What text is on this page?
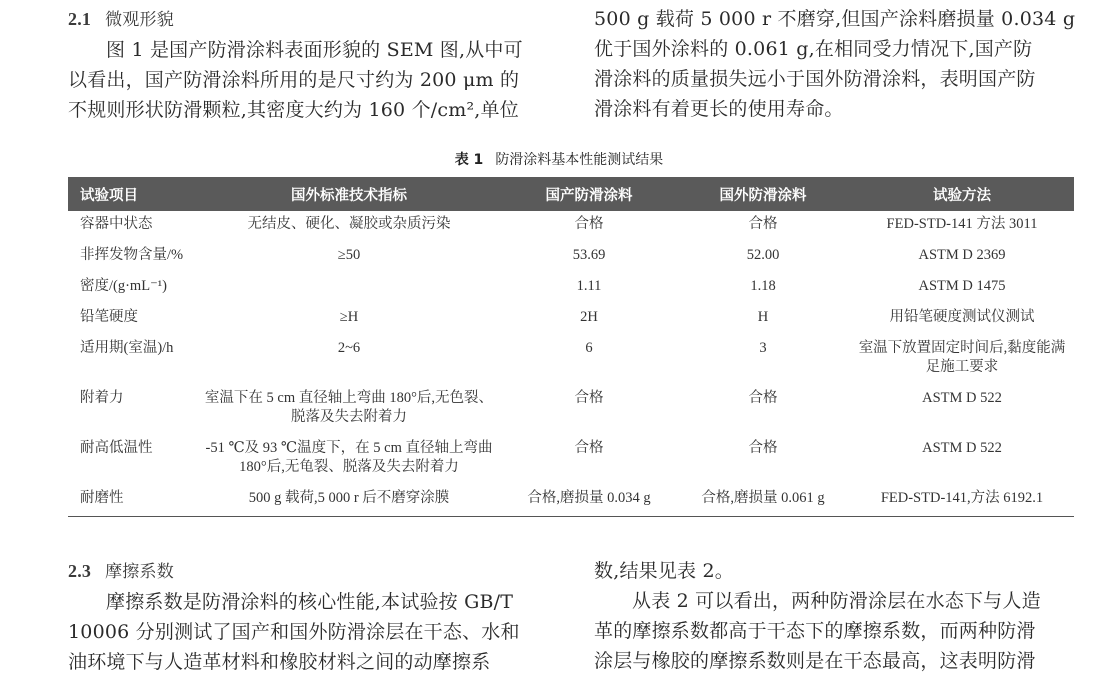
2.1 微观形貌

图 1 是国产防滑涂料表面形貌的 SEM 图,从中可

以看出，国产防滑涂料所用的是尺寸约为 200 μm 的

不规则形状防滑颗粒,其密度大约为 160 个/cm²,单位

500 g 载荷 5 000 r 不磨穿,但国产涂料磨损量 0.034 g

优于国外涂料的 0.061 g,在相同受力情况下,国产防

滑涂料的质量损失远小于国外防滑涂料，表明国产防

滑涂料有着更长的使用寿命。

表 1 防滑涂料基本性能测试结果
试验项目	国外标准技术指标	国产防滑涂料	国外防滑涂料	试验方法
容器中状态	无结皮、硬化、凝胶或杂质污染	合格	合格	FED-STD-141 方法 3011
非挥发物含量/%	≥50	53.69	52.00	ASTM D 2369
密度/(g·mL⁻¹)		1.11	1.18	ASTM D 1475
铅笔硬度	≥H	2H	H	用铅笔硬度测试仪测试
适用期(室温)/h	2~6	6	3	室温下放置固定时间后,黏度能满足施工要求
附着力	室温下在 5 cm 直径轴上弯曲 180°后,无色裂、脱落及失去附着力	合格	合格	ASTM D 522
耐高低温性	-51 ℃及 93 ℃温度下，在 5 cm 直径轴上弯曲 180°后,无龟裂、脱落及失去附着力	合格	合格	ASTM D 522
耐磨性	500 g 载荷,5 000 r 后不磨穿涂膜	合格,磨损量 0.034 g	合格,磨损量 0.061 g	FED-STD-141,方法 6192.1

2.3 摩擦系数

摩擦系数是防滑涂料的核心性能,本试验按 GB/T

10006 分别测试了国产和国外防滑涂层在干态、水和

油环境下与人造革材料和橡胶材料之间的动摩擦系

数,结果见表 2。

从表 2 可以看出，两种防滑涂层在水态下与人造

革的摩擦系数都高于干态下的摩擦系数，而两种防滑

涂层与橡胶的摩擦系数则是在干态最高，这表明防滑
